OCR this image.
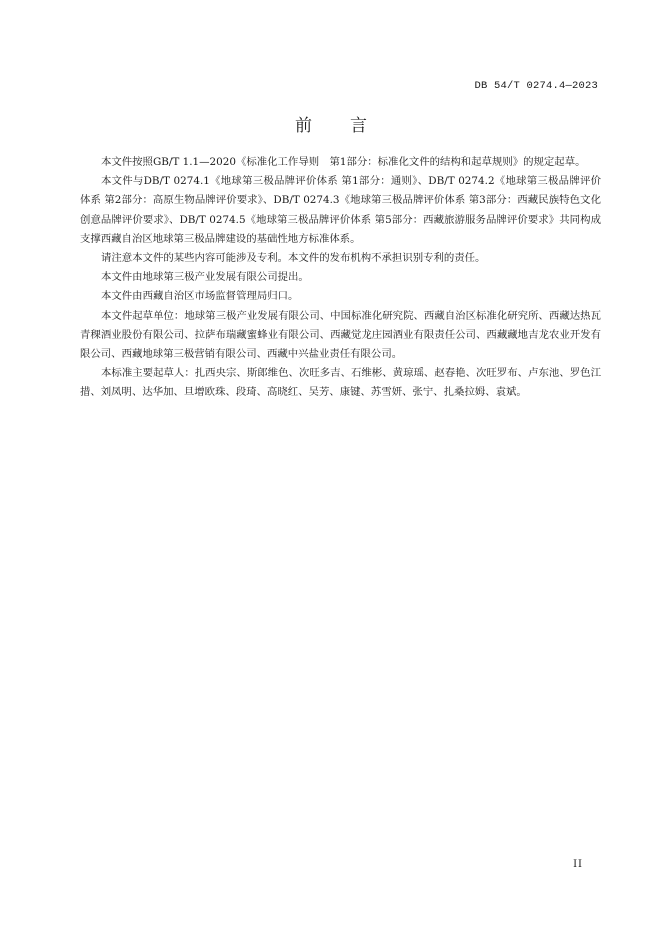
DB 54/T 0274.4—2023
前言

本文件按照GB/T 1.1—2020《标准化工作导则　第1部分：标准化文件的结构和起草规则》的规定起草。

本文件与DB/T 0274.1《地球第三极品牌评价体系 第1部分：通则》、DB/T 0274.2《地球第三极品牌评价体系 第2部分：高原生物品牌评价要求》、DB/T 0274.3《地球第三极品牌评价体系 第3部分：西藏民族特色文化创意品牌评价要求》、DB/T 0274.5《地球第三极品牌评价体系 第5部分：西藏旅游服务品牌评价要求》共同构成支撑西藏自治区地球第三极品牌建设的基础性地方标准体系。

请注意本文件的某些内容可能涉及专利。本文件的发布机构不承担识别专利的责任。

本文件由地球第三极产业发展有限公司提出。

本文件由西藏自治区市场监督管理局归口。

本文件起草单位：地球第三极产业发展有限公司、中国标准化研究院、西藏自治区标准化研究所、西藏达热瓦青稞酒业股份有限公司、拉萨布瑞藏蜜蜂业有限公司、西藏觉龙庄园酒业有限责任公司、西藏藏地吉龙农业开发有限公司、西藏地球第三极营销有限公司、西藏中兴盐业责任有限公司。

本标准主要起草人：扎西央宗、斯郎维色、次旺多吉、石维彬、黄琼瑶、赵春艳、次旺罗布、卢东池、罗色江措、刘凤明、达华加、旦增欧珠、段琦、高晓红、吴芳、康键、苏雪妍、张宁、扎桑拉姆、袁斌。

II
